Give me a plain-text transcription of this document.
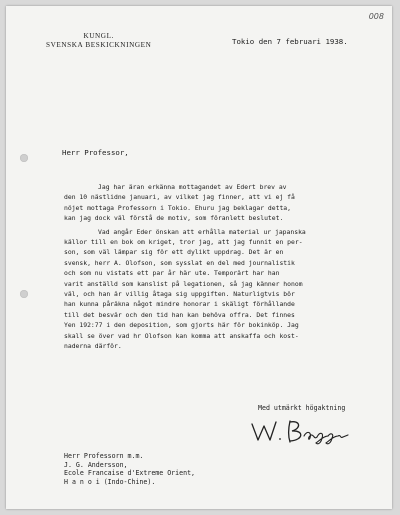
008
KUNGL.
SVENSKA BESKICKNINGEN	Tokio den 7 februari 1938.
Herr Professor,
Jag har äran erkänna mottagandet av Edert brev av
den 10 nästlidne januari, av vilket jag finner, att vi ej få
nöjet mottaga Professorn i Tokio. Ehuru jag beklagar detta,
kan jag dock väl förstå de motiv, som föranlett beslutet.
Vad angår Eder önskan att erhålla material ur japanska
källor till en bok om kriget, tror jag, att jag funnit en per-
son, som väl lämpar sig för ett dylikt uppdrag. Det är en
svensk, herr A. Olofson, som sysslat en del med journalistik
och som nu vistats ett par år här ute. Temporärt har han
varit anställd som kanslist på legationen, så jag känner honom
väl, och han är villig åtaga sig uppgiften. Naturligtvis bör
han kunna påräkna något mindre honorar i skäligt förhållande
till det besvär och den tid han kan behöva offra. Det finnes
Yen 192:77 i den deposition, som gjorts här för bokinköp. Jag
skall se över vad hr Olofson kan komma att anskaffa och kost-
naderna därför.
Med utmärkt högaktning
Herr Professorn m.m.
J. G. Andersson,
Ecole Francaise d'Extreme Orient,
H a n o i (Indo-Chine).
